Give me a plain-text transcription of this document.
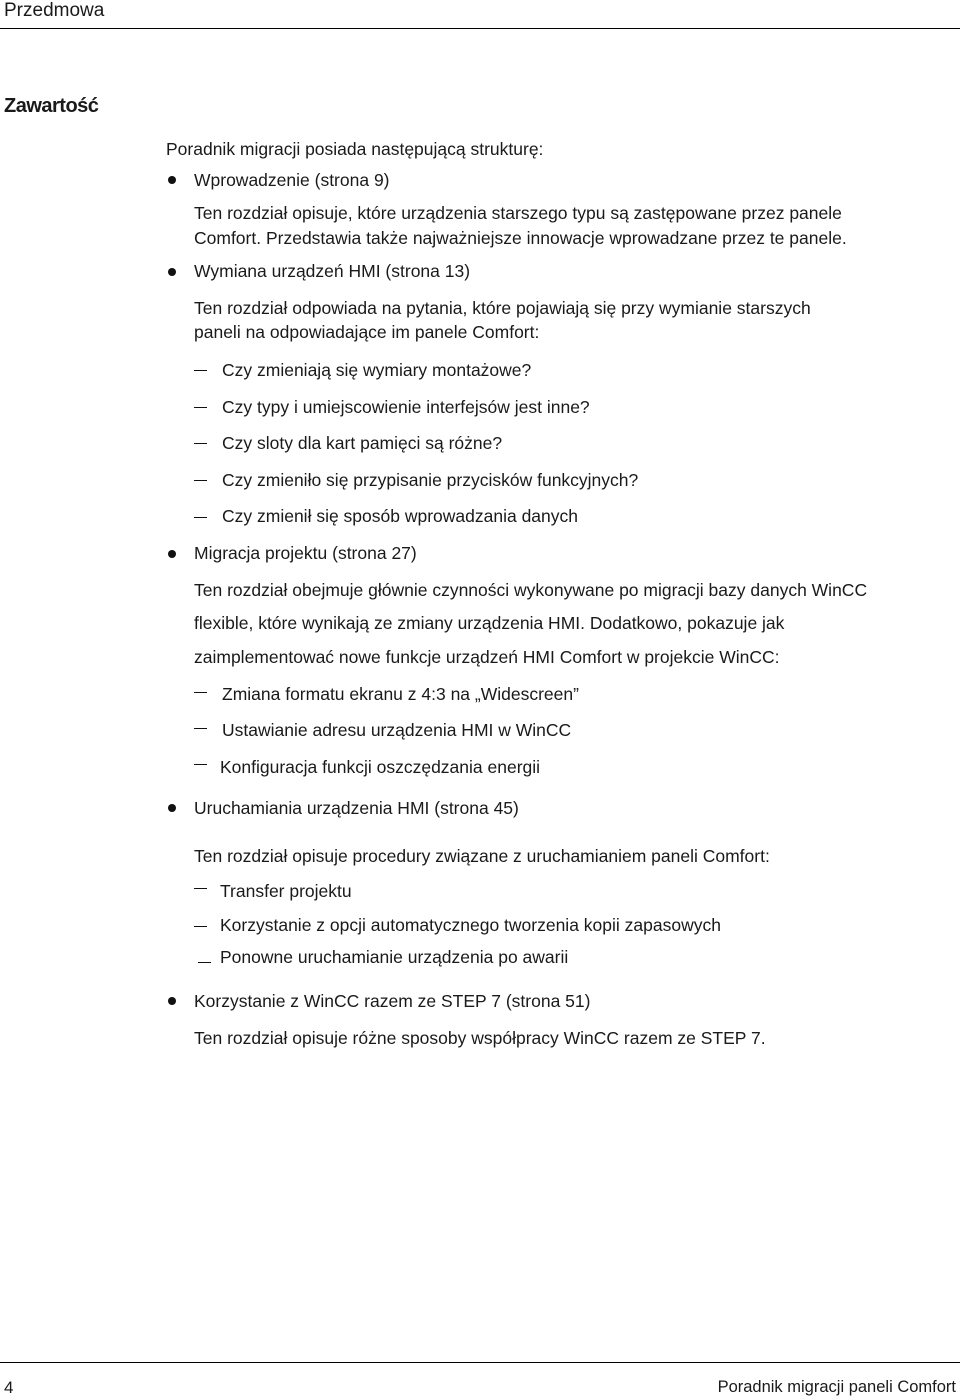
Przedmowa
Zawartość
Poradnik migracji posiada następującą strukturę:
Wprowadzenie (strona 9)
Ten rozdział opisuje, które urządzenia starszego typu są zastępowane przez panele
Comfort. Przedstawia także najważniejsze innowacje wprowadzane przez te panele.
Wymiana urządzeń HMI (strona 13)
Ten rozdział odpowiada na pytania, które pojawiają się przy wymianie starszych
paneli na odpowiadające im panele Comfort:
Czy zmieniają się wymiary montażowe?
Czy typy i umiejscowienie interfejsów jest inne?
Czy sloty dla kart pamięci są różne?
Czy zmieniło się przypisanie przycisków funkcyjnych?
Czy zmienił się sposób wprowadzania danych
Migracja projektu (strona 27)
Ten rozdział obejmuje głównie czynności wykonywane po migracji bazy danych WinCC
flexible, które wynikają ze zmiany urządzenia HMI. Dodatkowo, pokazuje jak
zaimplementować nowe funkcje urządzeń HMI Comfort w projekcie WinCC:
Zmiana formatu ekranu z 4:3 na „Widescreen”
Ustawianie adresu urządzenia HMI w WinCC
Konfiguracja funkcji oszczędzania energii
Uruchamiania urządzenia HMI (strona 45)
Ten rozdział opisuje procedury związane z uruchamianiem paneli Comfort:
Transfer projektu
Korzystanie z opcji automatycznego tworzenia kopii zapasowych
Ponowne uruchamianie urządzenia po awarii
Korzystanie z WinCC razem ze STEP 7 (strona 51)
Ten rozdział opisuje różne sposoby współpracy WinCC razem ze STEP 7.
4	Poradnik migracji paneli Comfort
